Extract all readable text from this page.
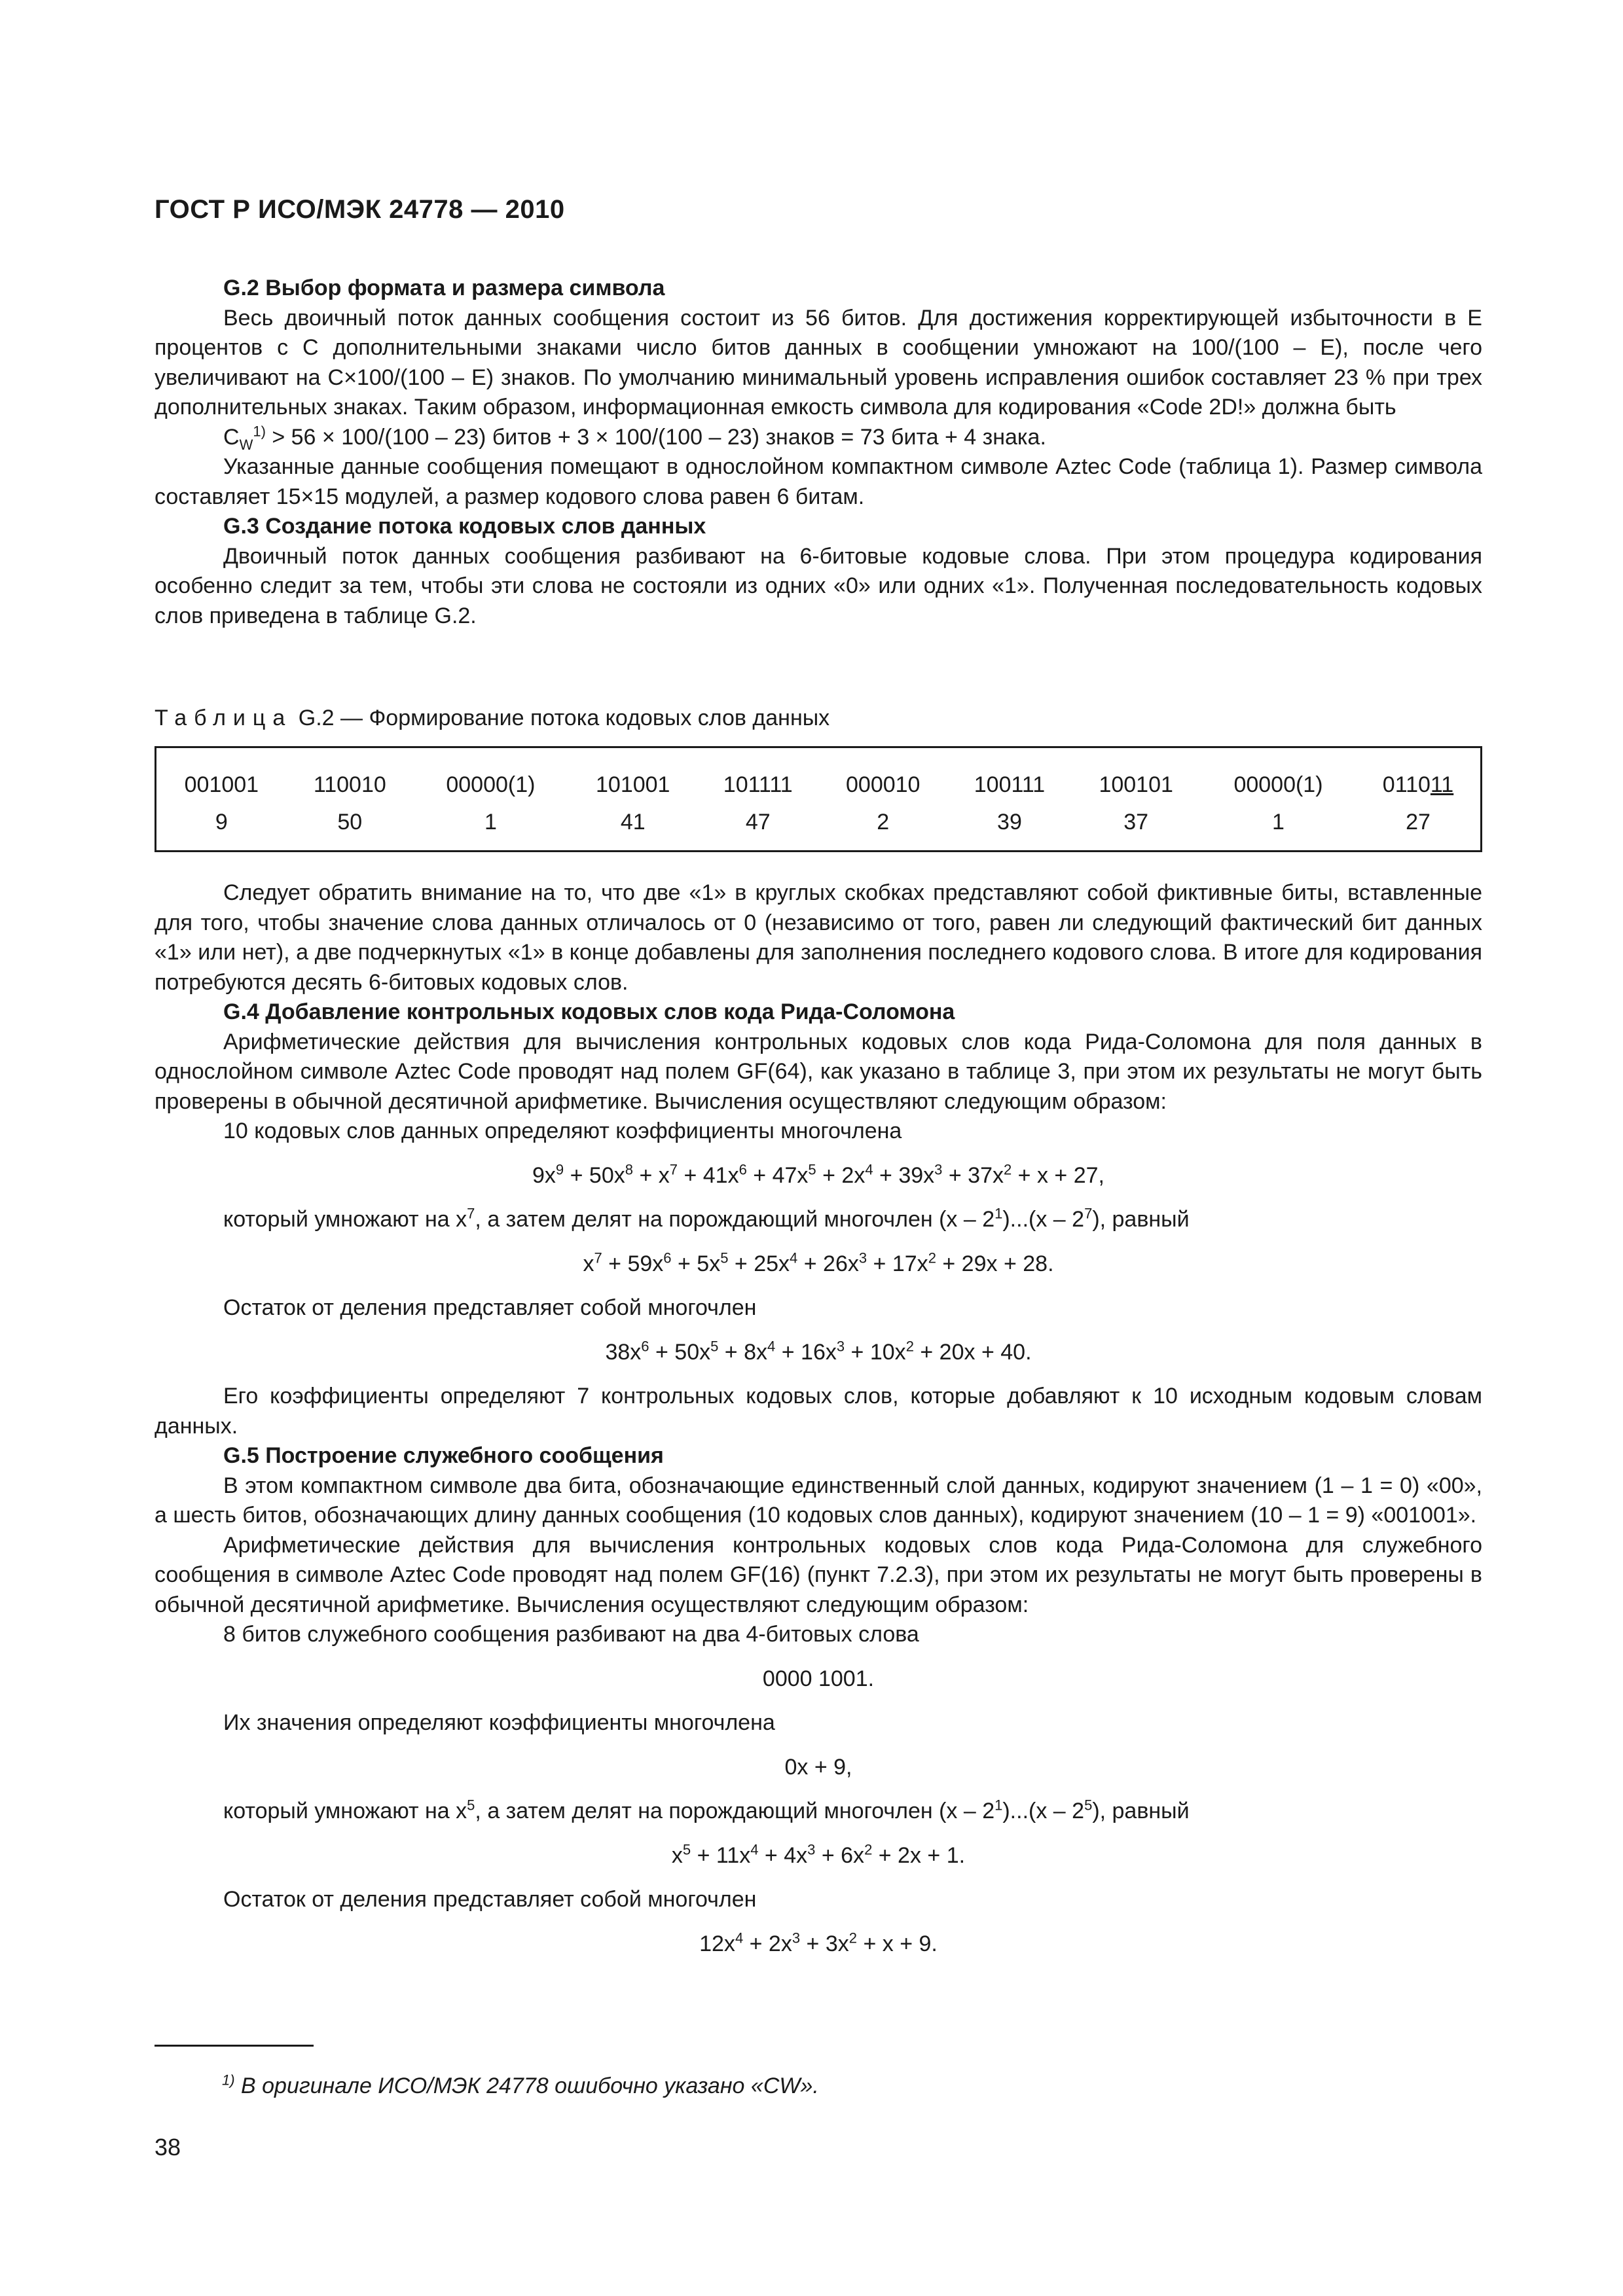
ГОСТ Р ИСО/МЭК 24778 — 2010

G.2 Выбор формата и размера символа

Весь двоичный поток данных сообщения состоит из 56 битов. Для достижения корректирующей избыточности в E процентов с C дополнительными знаками число битов данных в сообщении умножают на 100/(100 – E), после чего увеличивают на C×100/(100 – E) знаков. По умолчанию минимальный уровень исправления ошибок составляет 23 % при трех дополнительных знаках. Таким образом, информационная емкость символа для кодирования «Code 2D!» должна быть

$C_W^{1)} > 56 \times 100/(100 - 23)$ битов + 3 × 100/(100 – 23) знаков = 73 бита + 4 знака.

Указанные данные сообщения помещают в однослойном компактном символе Aztec Code (таблица 1). Размер символа составляет 15×15 модулей, а размер кодового слова равен 6 битам.

G.3 Создание потока кодовых слов данных

Двоичный поток данных сообщения разбивают на 6-битовые кодовые слова. При этом процедура кодирования особенно следит за тем, чтобы эти слова не состояли из одних «0» или одних «1». Полученная последовательность кодовых слов приведена в таблице G.2.

Таблица G.2 — Формирование потока кодовых слов данных
001001	110010	00000(1)	101001	101111	000010	100111	100101	00000(1)	011011
9	50	1	41	47	2	39	37	1	27

Следует обратить внимание на то, что две «1» в круглых скобках представляют собой фиктивные биты, вставленные для того, чтобы значение слова данных отличалось от 0 (независимо от того, равен ли следующий фактический бит данных «1» или нет), а две подчеркнутых «1» в конце добавлены для заполнения последнего кодового слова. В итоге для кодирования потребуются десять 6-битовых кодовых слов.

G.4 Добавление контрольных кодовых слов кода Рида-Соломона

Арифметические действия для вычисления контрольных кодовых слов кода Рида-Соломона для поля данных в однослойном символе Aztec Code проводят над полем GF(64), как указано в таблице 3, при этом их результаты не могут быть проверены в обычной десятичной арифметике. Вычисления осуществляют следующим образом:

10 кодовых слов данных определяют коэффициенты многочлена

$9x^9 + 50x^8 + x^7 + 41x^6 + 47x^5 + 2x^4 + 39x^3 + 37x^2 + x + 27$,

который умножают на $x^7$, а затем делят на порождающий многочлен $(x - 2^1)...(x - 2^7)$, равный

$x^7 + 59x^6 + 5x^5 + 25x^4 + 26x^3 + 17x^2 + 29x + 28$.

Остаток от деления представляет собой многочлен

$38x^6 + 50x^5 + 8x^4 + 16x^3 + 10x^2 + 20x + 40$.

Его коэффициенты определяют 7 контрольных кодовых слов, которые добавляют к 10 исходным кодовым словам данных.

G.5 Построение служебного сообщения

В этом компактном символе два бита, обозначающие единственный слой данных, кодируют значением (1 – 1 = 0) «00», а шесть битов, обозначающих длину данных сообщения (10 кодовых слов данных), кодируют значением (10 – 1 = 9) «001001».

Арифметические действия для вычисления контрольных кодовых слов кода Рида-Соломона для служебного сообщения в символе Aztec Code проводят над полем GF(16) (пункт 7.2.3), при этом их результаты не могут быть проверены в обычной десятичной арифметике. Вычисления осуществляют следующим образом:

8 битов служебного сообщения разбивают на два 4-битовых слова

0000 1001.

Их значения определяют коэффициенты многочлена

0x + 9,

который умножают на $x^5$, а затем делят на порождающий многочлен $(x - 2^1)...(x - 2^5)$, равный

$x^5 + 11x^4 + 4x^3 + 6x^2 + 2x + 1$.

Остаток от деления представляет собой многочлен

$12x^4 + 2x^3 + 3x^2 + x + 9$.

$^{1)}$ В оригинале ИСО/МЭК 24778 ошибочно указано «CW».
38
